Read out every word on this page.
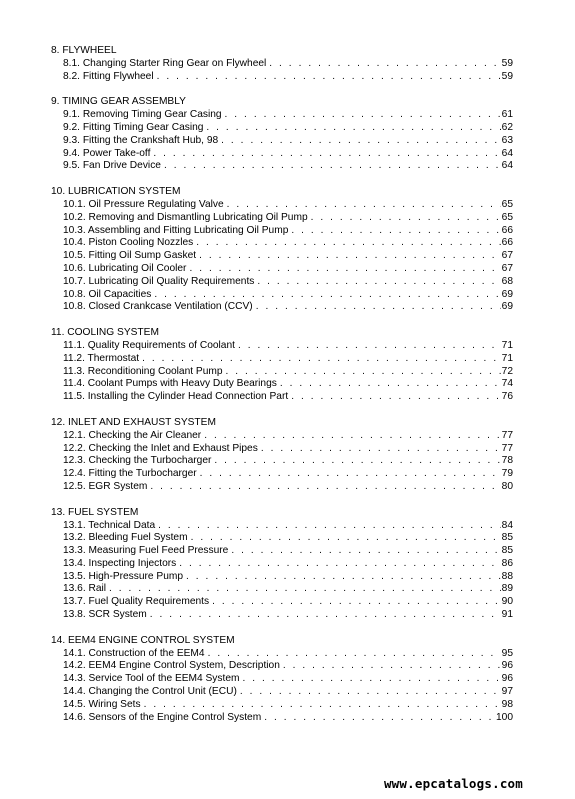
8. FLYWHEEL
8.1. Changing Starter Ring Gear on Flywheel . . .	59
8.2. Fitting Flywheel . . .	59
9. TIMING GEAR ASSEMBLY
9.1. Removing Timing Gear Casing . . .	61
9.2. Fitting Timing Gear Casing . . .	62
9.3. Fitting the Crankshaft Hub, 98 . . .	63
9.4. Power Take-off . . .	64
9.5. Fan Drive Device . . .	64
10. LUBRICATION SYSTEM
10.1. Oil Pressure Regulating Valve . . .	65
10.2. Removing and Dismantling Lubricating Oil Pump . . .	65
10.3. Assembling and Fitting Lubricating Oil Pump . . .	66
10.4. Piston Cooling Nozzles . . .	66
10.5. Fitting Oil Sump Gasket . . .	67
10.6. Lubricating Oil Cooler . . .	67
10.7. Lubricating Oil Quality Requirements . . .	68
10.8. Oil Capacities . . .	69
10.8. Closed Crankcase Ventilation (CCV) . . .	69
11. COOLING SYSTEM
11.1. Quality Requirements of Coolant . . .	71
11.2. Thermostat . . .	71
11.3. Reconditioning Coolant Pump . . .	72
11.4. Coolant Pumps with Heavy Duty Bearings . . .	74
11.5. Installing the Cylinder Head Connection Part . . .	76
12. INLET AND EXHAUST SYSTEM
12.1. Checking the Air Cleaner . . .	77
12.2. Checking the Inlet and Exhaust Pipes . . .	77
12.3. Checking the Turbocharger . . .	78
12.4. Fitting the Turbocharger . . .	79
12.5. EGR System . . .	80
13. FUEL SYSTEM
13.1. Technical Data . . .	84
13.2. Bleeding Fuel System . . .	85
13.3. Measuring Fuel Feed Pressure . . .	85
13.4. Inspecting Injectors . . .	86
13.5. High-Pressure Pump . . .	88
13.6. Rail . . .	89
13.7. Fuel Quality Requirements . . .	90
13.8. SCR System . . .	91
14. EEM4 ENGINE CONTROL SYSTEM
14.1. Construction of the EEM4 . . .	95
14.2. EEM4 Engine Control System, Description . . .	96
14.3. Service Tool of the EEM4 System . . .	96
14.4. Changing the Control Unit (ECU) . . .	97
14.5. Wiring Sets . . .	98
14.6. Sensors of the Engine Control System . . .	100
www.epcatalogs.com
